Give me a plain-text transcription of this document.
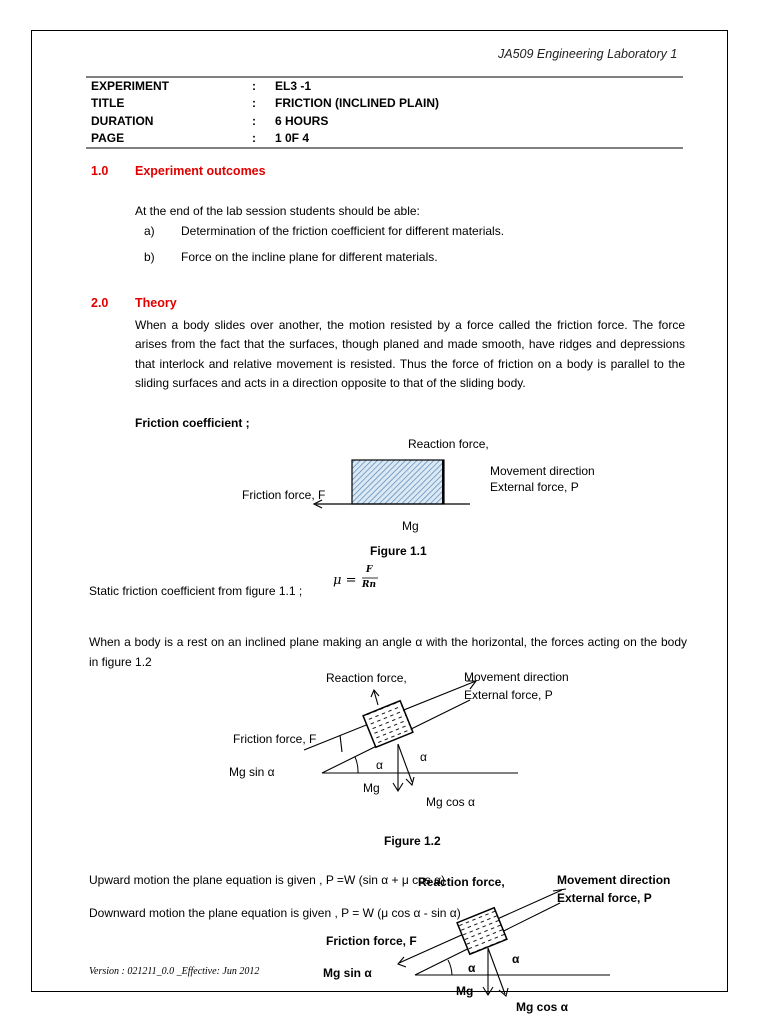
JA509 Engineering Laboratory 1
EXPERIMENT	: EL3 -1
TITLE	: FRICTION (INCLINED PLAIN)
DURATION	: 6 HOURS
PAGE	: 1 0F 4
1.0 Experiment outcomes
At the end of the lab session students should be able:
a) Determination of the friction coefficient for different materials.
b) Force on the incline plane for different materials.
2.0 Theory
When a body slides over another, the motion resisted by a force called the friction force. The force arises from the fact that the surfaces, though planed and made smooth, have ridges and depressions that interlock and relative movement is resisted. Thus the force of friction on a body is parallel to the sliding surfaces and acts in a direction opposite to that of the sliding body.
Friction coefficient ;
Reaction force,
Movement direction
External force, P
Friction force, F
Mg
Figure 1.1
Static friction coefficient from figure 1.1 ;
μ =
F
Rn
When a body is a rest on an inclined plane making an angle α with the horizontal, the forces acting on the body in figure 1.2
Reaction force,	Movement direction
External force, P
Friction force, F
Mg sin α	α
α
Mg
Mg cos α
Figure 1.2
Upward motion the plane equation is given , P =W (sin α + μ cos α)
Downward motion the plane equation is given , P = W (μ cos α - sin α)
Reaction force,	Movement direction
External force, P
Friction force, F
Mg sin α	α
α
Mg
Mg cos α
Version : 021211_0.0 _Effective: Jun 2012
